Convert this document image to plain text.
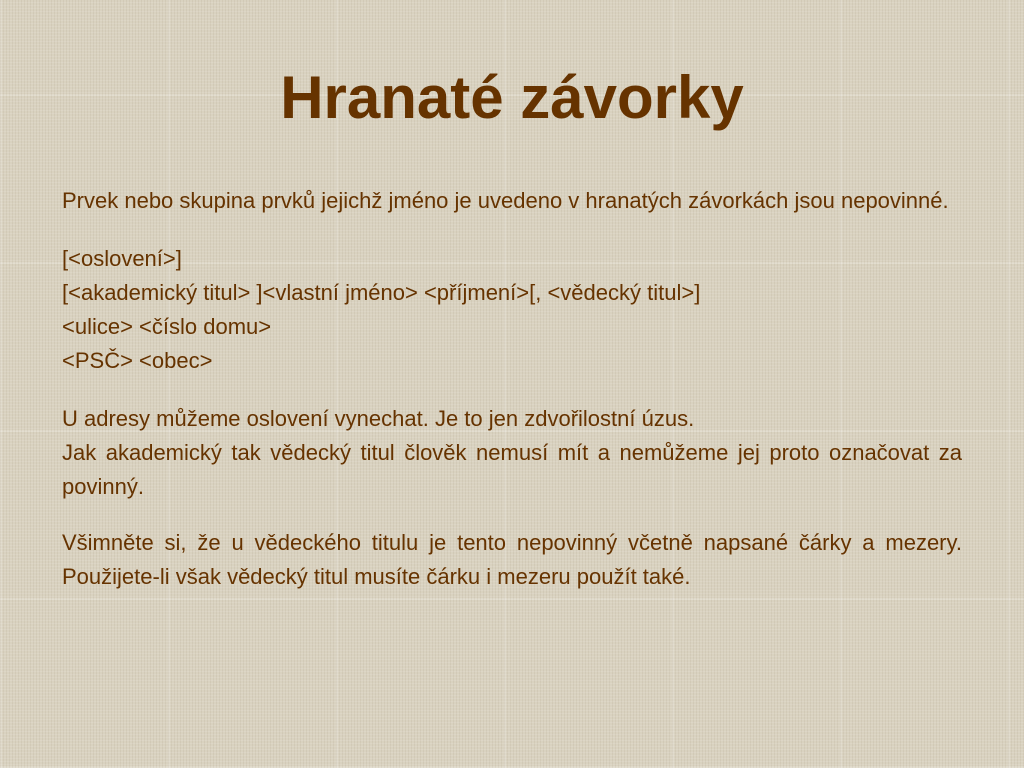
Hranaté závorky

Prvek nebo skupina prvků jejichž jméno je uvedeno v hranatých závorkách jsou nepovinné.

[<oslovení>]

[<akademický titul> ]<vlastní jméno> <příjmení>[, <vědecký titul>]

<ulice> <číslo domu>

<PSČ> <obec>

U adresy můžeme oslovení vynechat. Je to jen zdvořilostní úzus.

Jak akademický tak vědecký titul člověk nemusí mít a nemůžeme jej proto označovat za povinný.

Všimněte si, že u vědeckého titulu je tento nepovinný včetně napsané čárky a mezery. Použijete-li však vědecký titul musíte čárku i mezeru použít také.
